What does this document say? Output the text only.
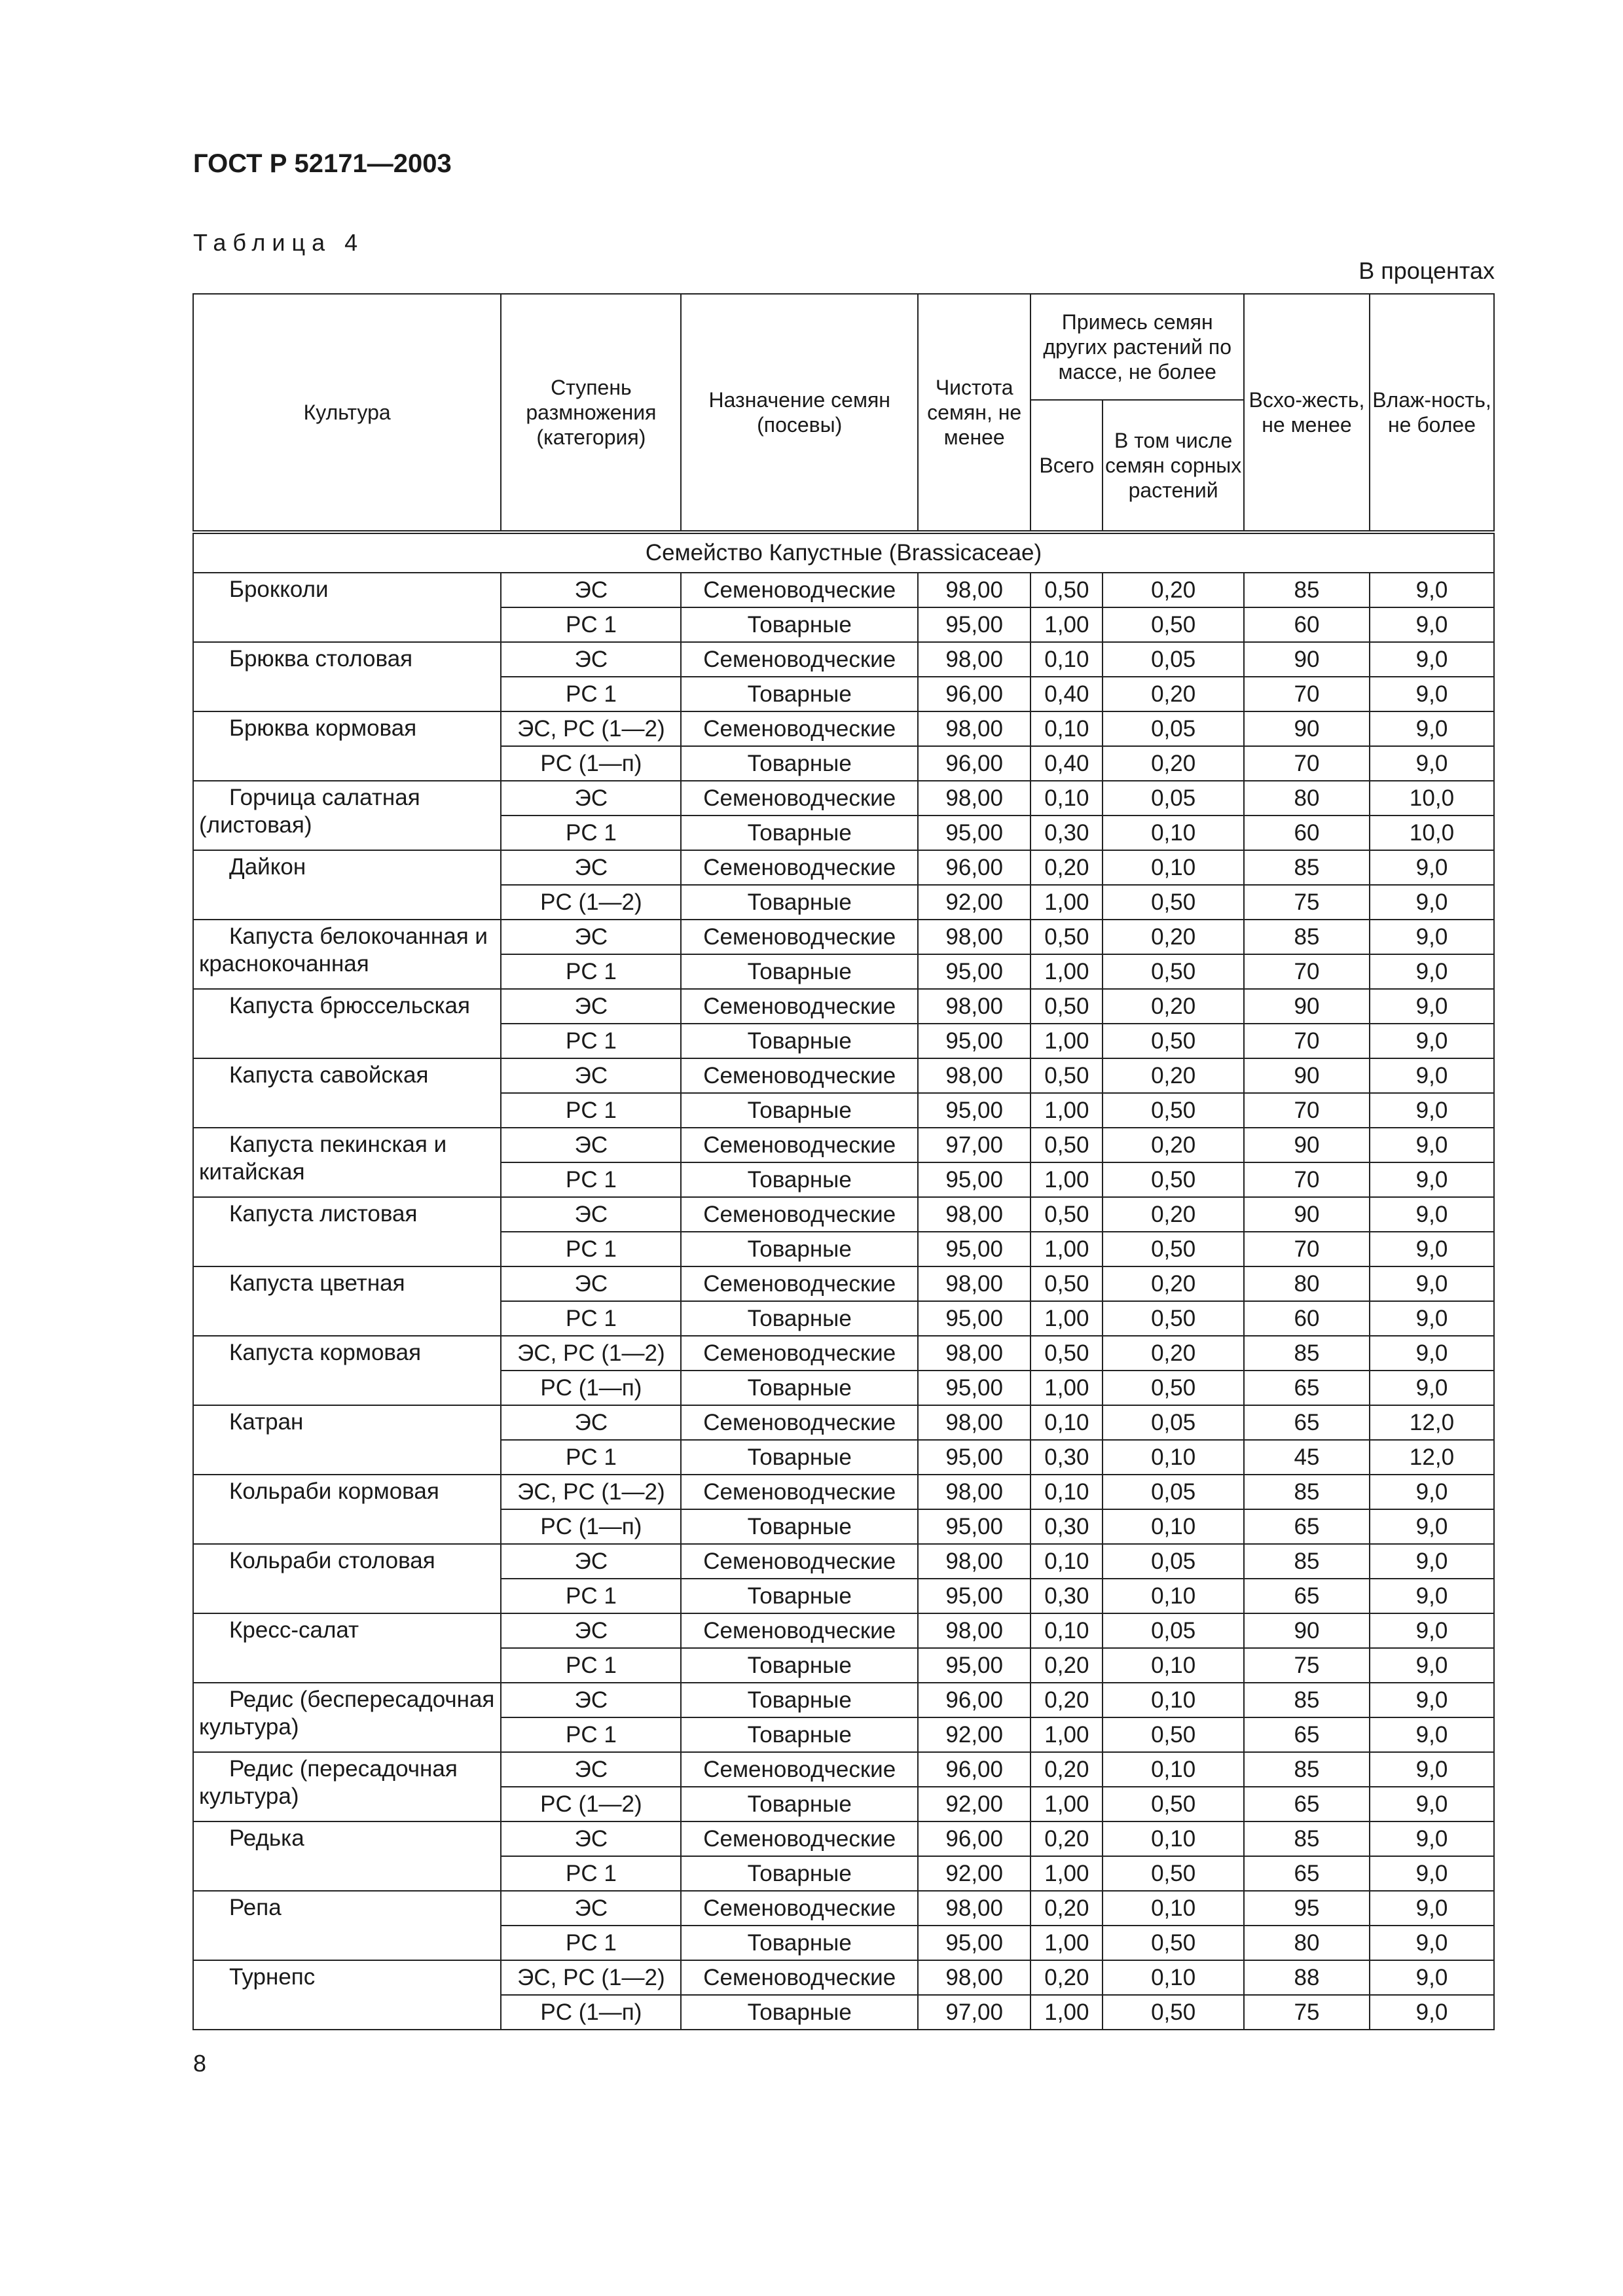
ГОСТ Р 52171—2003
Таблица 4
В процентах
Культура	Ступень размножения (категория)	Назначение семян (посевы)	Чистота семян, не менее	Примесь семян других растений по массе, не более		Всхо-жесть, не менее	Влаж-ность, не более
				Всего	В том числе семян сорных растений		
Семейство Капустные (Brassicaceae)							
Брокколи	ЭС	Семеноводческие	98,00	0,50	0,20	85	9,0
	PC 1	Товарные	95,00	1,00	0,50	60	9,0
Брюква столовая	ЭС	Семеноводческие	98,00	0,10	0,05	90	9,0
	PC 1	Товарные	96,00	0,40	0,20	70	9,0
Брюква кормовая	ЭС, PC (1—2)	Семеноводческие	98,00	0,10	0,05	90	9,0
	PC (1—п)	Товарные	96,00	0,40	0,20	70	9,0
Горчица салатная (листовая)	ЭС	Семеноводческие	98,00	0,10	0,05	80	10,0
	PC 1	Товарные	95,00	0,30	0,10	60	10,0
Дайкон	ЭС	Семеноводческие	96,00	0,20	0,10	85	9,0
	PC (1—2)	Товарные	92,00	1,00	0,50	75	9,0
Капуста белокочанная и краснокочанная	ЭС	Семеноводческие	98,00	0,50	0,20	85	9,0
	PC 1	Товарные	95,00	1,00	0,50	70	9,0
Капуста брюссельская	ЭС	Семеноводческие	98,00	0,50	0,20	90	9,0
	PC 1	Товарные	95,00	1,00	0,50	70	9,0
Капуста савойская	ЭС	Семеноводческие	98,00	0,50	0,20	90	9,0
	PC 1	Товарные	95,00	1,00	0,50	70	9,0
Капуста пекинская и китайская	ЭС	Семеноводческие	97,00	0,50	0,20	90	9,0
	PC 1	Товарные	95,00	1,00	0,50	70	9,0
Капуста листовая	ЭС	Семеноводческие	98,00	0,50	0,20	90	9,0
	PC 1	Товарные	95,00	1,00	0,50	70	9,0
Капуста цветная	ЭС	Семеноводческие	98,00	0,50	0,20	80	9,0
	PC 1	Товарные	95,00	1,00	0,50	60	9,0
Капуста кормовая	ЭС, PC (1—2)	Семеноводческие	98,00	0,50	0,20	85	9,0
	PC (1—п)	Товарные	95,00	1,00	0,50	65	9,0
Катран	ЭС	Семеноводческие	98,00	0,10	0,05	65	12,0
	PC 1	Товарные	95,00	0,30	0,10	45	12,0
Кольраби кормовая	ЭС, PC (1—2)	Семеноводческие	98,00	0,10	0,05	85	9,0
	PC (1—п)	Товарные	95,00	0,30	0,10	65	9,0
Кольраби столовая	ЭС	Семеноводческие	98,00	0,10	0,05	85	9,0
	PC 1	Товарные	95,00	0,30	0,10	65	9,0
Кресс-салат	ЭС	Семеноводческие	98,00	0,10	0,05	90	9,0
	PC 1	Товарные	95,00	0,20	0,10	75	9,0
Редис (беспересадочная культура)	ЭС	Товарные	96,00	0,20	0,10	85	9,0
	PC 1	Товарные	92,00	1,00	0,50	65	9,0
Редис (пересадочная культура)	ЭС	Семеноводческие	96,00	0,20	0,10	85	9,0
	PC (1—2)	Товарные	92,00	1,00	0,50	65	9,0
Редька	ЭС	Семеноводческие	96,00	0,20	0,10	85	9,0
	PC 1	Товарные	92,00	1,00	0,50	65	9,0
Репа	ЭС	Семеноводческие	98,00	0,20	0,10	95	9,0
	PC 1	Товарные	95,00	1,00	0,50	80	9,0
Турнепс	ЭС, PC (1—2)	Семеноводческие	98,00	0,20	0,10	88	9,0
	PC (1—п)	Товарные	97,00	1,00	0,50	75	9,0
8
